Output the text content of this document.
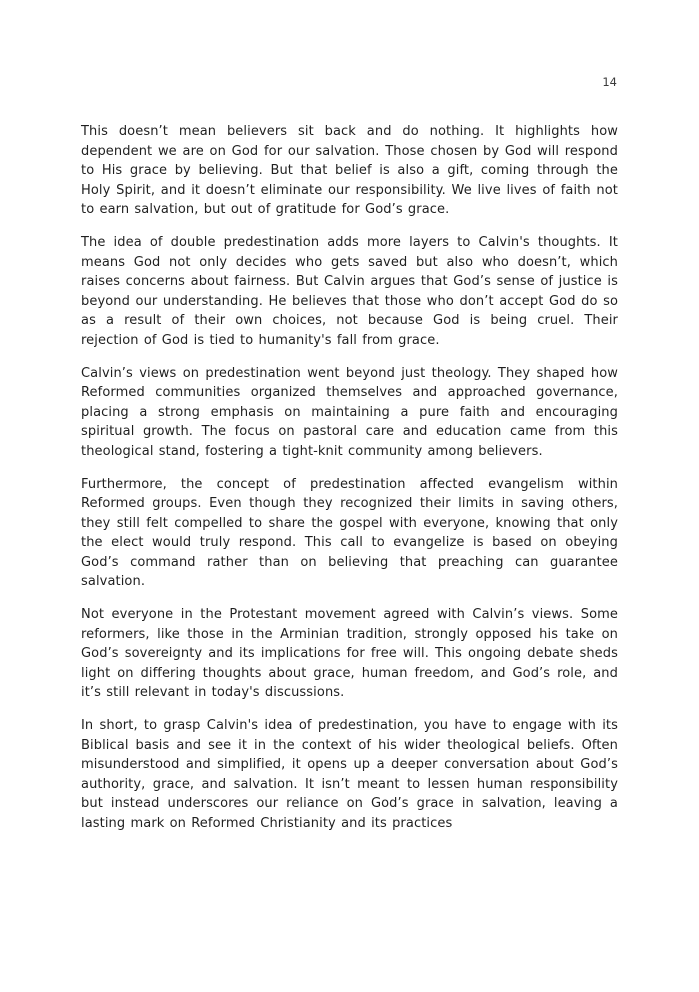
14

This doesn’t mean believers sit back and do nothing. It highlights how dependent we are on God for our salvation. Those chosen by God will respond to His grace by believing. But that belief is also a gift, coming through the Holy Spirit, and it doesn’t eliminate our responsibility. We live lives of faith not to earn salvation, but out of gratitude for God’s grace.

The idea of double predestination adds more layers to Calvin's thoughts. It means God not only decides who gets saved but also who doesn’t, which raises concerns about fairness. But Calvin argues that God’s sense of justice is beyond our understanding. He believes that those who don’t accept God do so as a result of their own choices, not because God is being cruel. Their rejection of God is tied to humanity's fall from grace.

Calvin’s views on predestination went beyond just theology. They shaped how Reformed communities organized themselves and approached governance, placing a strong emphasis on maintaining a pure faith and encouraging spiritual growth. The focus on pastoral care and education came from this theological stand, fostering a tight-knit community among believers.

Furthermore, the concept of predestination affected evangelism within Reformed groups. Even though they recognized their limits in saving others, they still felt compelled to share the gospel with everyone, knowing that only the elect would truly respond. This call to evangelize is based on obeying God’s command rather than on believing that preaching can guarantee salvation.

Not everyone in the Protestant movement agreed with Calvin’s views. Some reformers, like those in the Arminian tradition, strongly opposed his take on God’s sovereignty and its implications for free will. This ongoing debate sheds light on differing thoughts about grace, human freedom, and God’s role, and it’s still relevant in today's discussions.

In short, to grasp Calvin's idea of predestination, you have to engage with its Biblical basis and see it in the context of his wider theological beliefs. Often misunderstood and simplified, it opens up a deeper conversation about God’s authority, grace, and salvation. It isn’t meant to lessen human responsibility but instead underscores our reliance on God’s grace in salvation, leaving a lasting mark on Reformed Christianity and its practices
